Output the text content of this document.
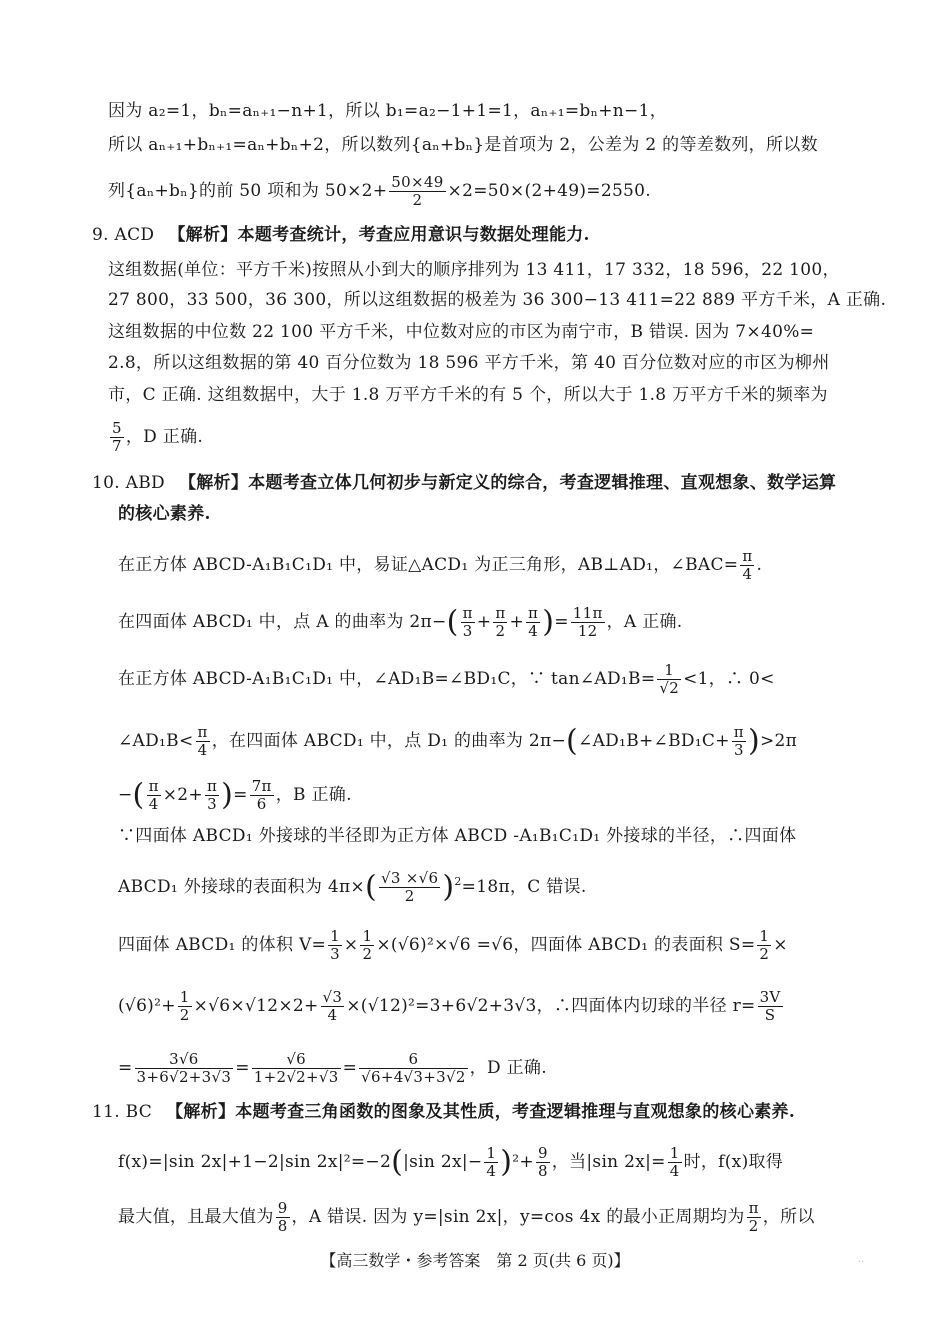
因为 a₂=1，bₙ=aₙ₊₁−n+1，所以 b₁=a₂−1+1=1，aₙ₊₁=bₙ+n−1，
所以 aₙ₊₁+bₙ₊₁=aₙ+bₙ+2，所以数列{aₙ+bₙ}是首项为 2，公差为 2 的等差数列，所以数
列{aₙ+bₙ}的前 50 项和为 $50\times 2+ \frac{50\times 49}{2} \times 2=50\times(2+49)=2550$.
9. ACD 【解析】本题考查统计，考查应用意识与数据处理能力.
这组数据(单位：平方千米)按照从小到大的顺序排列为 13 411，17 332，18 596，22 100，
27 800，33 500，36 300，所以这组数据的极差为 36 300−13 411=22 889 平方千米，A 正确.
这组数据的中位数 22 100 平方千米，中位数对应的市区为南宁市，B 错误. 因为 7×40%=
2.8，所以这组数据的第 40 百分位数为 18 596 平方千米，第 40 百分位数对应的市区为柳州
市，C 正确. 这组数据中，大于 1.8 万平方千米的有 5 个，所以大于 1.8 万平方千米的频率为
$\frac{5}{7}$ ，D 正确.
10. ABD 【解析】本题考查立体几何初步与新定义的综合，考查逻辑推理、直观想象、数学运算
的核心素养.
在正方体 ABCD-A₁B₁C₁D₁ 中，易证△ACD₁ 为正三角形，AB⊥AD₁，∠BAC= $\frac{\pi}{4}$ .
在四面体 ABCD₁ 中，点 A 的曲率为 $2\pi-( \frac{\pi}{3} + \frac{\pi}{2} + \frac{\pi}{4}$ )= $\frac{11\pi}{12}$ ，A 正确.
在正方体 ABCD-A₁B₁C₁D₁ 中，∠AD₁B=∠BD₁C，∵ tan∠AD₁B= $\frac{1}{√2} <1$，∴ 0<
∠AD₁B< $\frac{\pi}{4}$ ，在四面体 ABCD₁ 中，点 D₁ 的曲率为 2π−(∠AD₁B+∠BD₁C+ $\frac{\pi}{3} )>2\pi$
−( $\frac{\pi}{4} \times 2+ \frac{\pi}{3}$ )= $\frac{7\pi}{6}$ ，B 正确.
∵四面体 ABCD₁ 外接球的半径即为正方体 ABCD -A₁B₁C₁D₁ 外接球的半径，∴四面体
ABCD₁ 外接球的表面积为 $4\pi\times( \frac{√3 \times√6}{2} )^2=18\pi$，C 错误.
四面体 ABCD₁ 的体积 $V= \frac{1}{3} \times \frac{1}{2} \times(√6)^2\times√6 =√6$，四面体 ABCD₁ 的表面积 $S= \frac{1}{2}$ ×
$(√6)^2+ \frac{1}{2} \times√6\times√12\times 2+ \frac{√3}{4} \times(√12)^2=3+6√2+3√3$，∴四面体内切球的半径 $r= \frac{3V}{S}$
= $\frac{3√6}{3+6√2+3√3} = \frac{√6}{1+2√2+√3} = \frac{6}{√6+4√3+3√2}$ ，D 正确.
11. BC 【解析】本题考查三角函数的图象及其性质，考查逻辑推理与直观想象的核心素养.
f(x)=|sin 2x|+1−2|sin 2x|²=−2(|sin $2x|- \frac{1}{4} )^2+ \frac{9}{8}$ ，当|sin $2x|= \frac{1}{4}$ 时，f(x)取得
最大值，且最大值为 $\frac{9}{8}$ ，A 错误. 因为 y=|sin 2x|，y=cos 4x 的最小正周期均为 $\frac{\pi}{2}$ ，所以
【高三数学・参考答案　第 2 页(共 6 页)】	..
